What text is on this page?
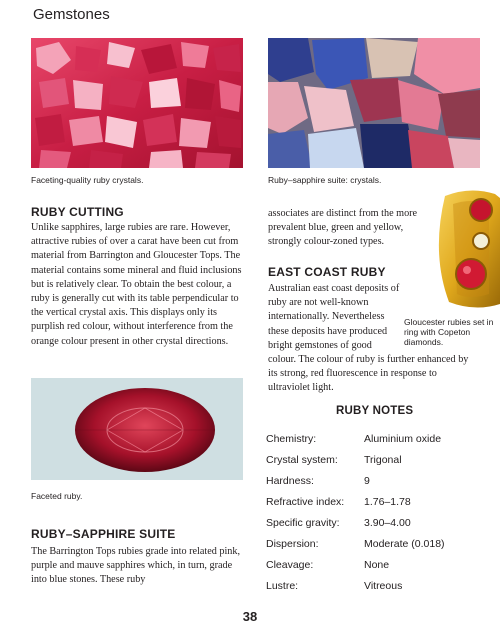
Gemstones
Faceting-quality ruby crystals.	Ruby–sapphire suite: crystals.
RUBY CUTTING

Unlike sapphires, large rubies are rare. However, attractive rubies of over a carat have been cut from material from Barrington and Gloucester Tops. The material contains some mineral and fluid inclusions but is relatively clear. To obtain the best colour, a ruby is generally cut with its table perpendicular to the vertical crystal axis. This displays only its purplish red colour, without interference from the orange colour present in other crystal directions.

Faceted ruby.
RUBY–SAPPHIRE SUITE

The Barrington Tops rubies grade into related pink, purple and mauve sapphires which, in turn, grade into blue stones. These ruby

associates are distinct from the more prevalent blue, green and yellow, strongly colour-zoned types.

Gloucester rubies set in ring with Copeton diamonds.
EAST COAST RUBY

Australian east coast deposits of ruby are not well-known internationally. Nevertheless these deposits have produced bright gemstones of good

colour. The colour of ruby is further enhanced by its strong, red fluorescence in response to ultraviolet light.

RUBY NOTES
Chemistry:	Aluminium oxide
Crystal system:	Trigonal
Hardness:	9
Refractive index:	1.76–1.78
Specific gravity:	3.90–4.00
Dispersion:	Moderate (0.018)
Cleavage:	None
Lustre:	Vitreous
38
